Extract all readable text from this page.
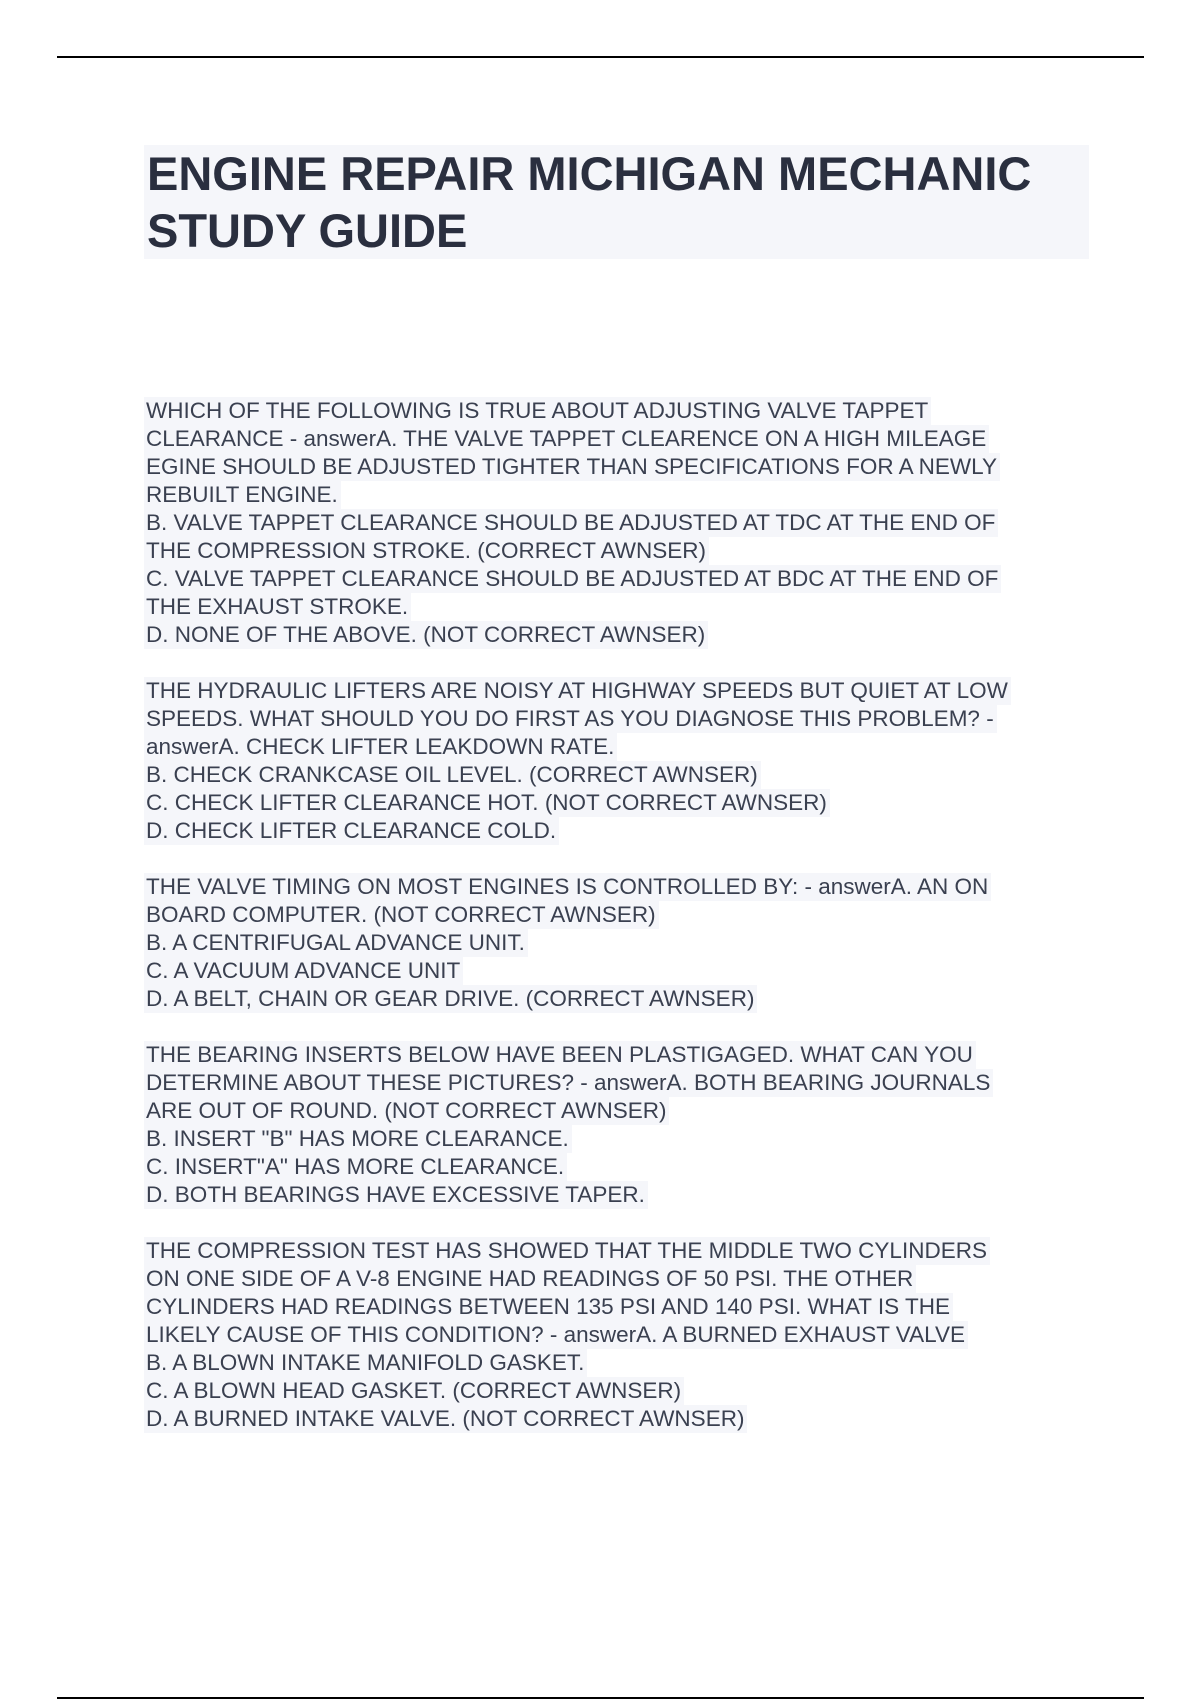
ENGINE REPAIR MICHIGAN MECHANIC
STUDY GUIDE
WHICH OF THE FOLLOWING IS TRUE ABOUT ADJUSTING VALVE TAPPET
CLEARANCE - answerA. THE VALVE TAPPET CLEARENCE ON A HIGH MILEAGE
EGINE SHOULD BE ADJUSTED TIGHTER THAN SPECIFICATIONS FOR A NEWLY
REBUILT ENGINE.
B. VALVE TAPPET CLEARANCE SHOULD BE ADJUSTED AT TDC AT THE END OF
THE COMPRESSION STROKE. (CORRECT AWNSER)
C. VALVE TAPPET CLEARANCE SHOULD BE ADJUSTED AT BDC AT THE END OF
THE EXHAUST STROKE.
D. NONE OF THE ABOVE. (NOT CORRECT AWNSER)
THE HYDRAULIC LIFTERS ARE NOISY AT HIGHWAY SPEEDS BUT QUIET AT LOW
SPEEDS. WHAT SHOULD YOU DO FIRST AS YOU DIAGNOSE THIS PROBLEM? -
answerA. CHECK LIFTER LEAKDOWN RATE.
B. CHECK CRANKCASE OIL LEVEL. (CORRECT AWNSER)
C. CHECK LIFTER CLEARANCE HOT. (NOT CORRECT AWNSER)
D. CHECK LIFTER CLEARANCE COLD.
THE VALVE TIMING ON MOST ENGINES IS CONTROLLED BY: - answerA. AN ON
BOARD COMPUTER. (NOT CORRECT AWNSER)
B. A CENTRIFUGAL ADVANCE UNIT.
C. A VACUUM ADVANCE UNIT
D. A BELT, CHAIN OR GEAR DRIVE. (CORRECT AWNSER)
THE BEARING INSERTS BELOW HAVE BEEN PLASTIGAGED. WHAT CAN YOU
DETERMINE ABOUT THESE PICTURES? - answerA. BOTH BEARING JOURNALS
ARE OUT OF ROUND. (NOT CORRECT AWNSER)
B. INSERT "B" HAS MORE CLEARANCE.
C. INSERT"A" HAS MORE CLEARANCE.
D. BOTH BEARINGS HAVE EXCESSIVE TAPER.
THE COMPRESSION TEST HAS SHOWED THAT THE MIDDLE TWO CYLINDERS
ON ONE SIDE OF A V-8 ENGINE HAD READINGS OF 50 PSI. THE OTHER
CYLINDERS HAD READINGS BETWEEN 135 PSI AND 140 PSI. WHAT IS THE
LIKELY CAUSE OF THIS CONDITION? - answerA. A BURNED EXHAUST VALVE
B. A BLOWN INTAKE MANIFOLD GASKET.
C. A BLOWN HEAD GASKET. (CORRECT AWNSER)
D. A BURNED INTAKE VALVE. (NOT CORRECT AWNSER)
